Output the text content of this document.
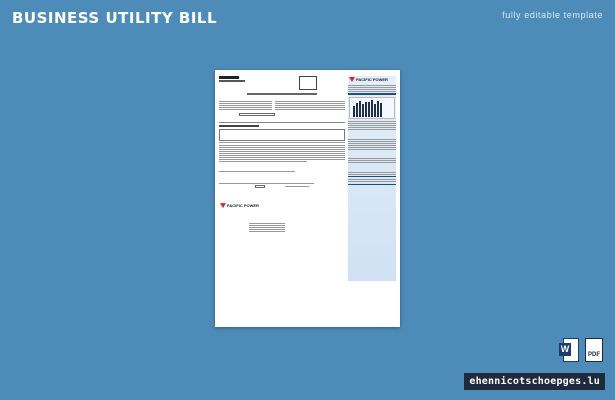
BUSINESS UTILITY BILL	fully editable template
PACIFIC POWER
PACIFIC POWER
W
PDF
ehennicotschoepges.lu
